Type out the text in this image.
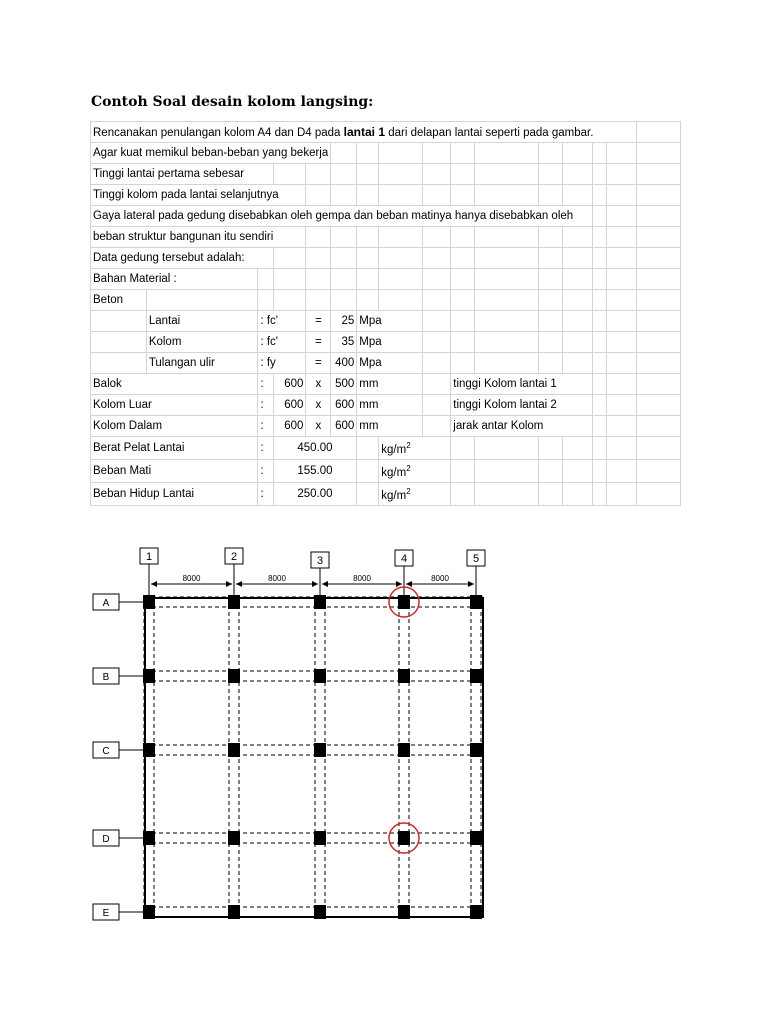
Contoh Soal desain kolom langsing:
Rencanakan penulangan kolom A4 dan D4 pada lantai 1 dari delapan lantai seperti pada gambar.															
Agar kuat memikul beban-beban yang bekerja															
Tinggi lantai pertama sebesar															
Tinggi kolom pada lantai selanjutnya															
Gaya lateral pada gedung disebabkan oleh gempa dan beban matinya hanya disebabkan oleh															
beban struktur bangunan itu sendiri															
Data gedung tersebut adalah:															
Bahan Material :															
Beton															
	Lantai	: fc'		=	25	Mpa									
	Kolom	: fc'		=	35	Mpa									
	Tulangan ulir	: fy		=	400	Mpa									
Balok		:	600	x	500	mm			tinggi Kolom lantai 1						
Kolom Luar		:	600	x	600	mm			tinggi Kolom lantai 2						
Kolom Dalam		:	600	x	600	mm			jarak antar Kolom						
Berat Pelat Lantai		:	450.00				$kg/m^2$							
Beban Mati		:	155.00				$kg/m^2$							
Beban Hidup Lantai		:	250.00				$kg/m^2$							
1	2	3	4	5
8000	8000	8000	8000
A
B
C
D
E
